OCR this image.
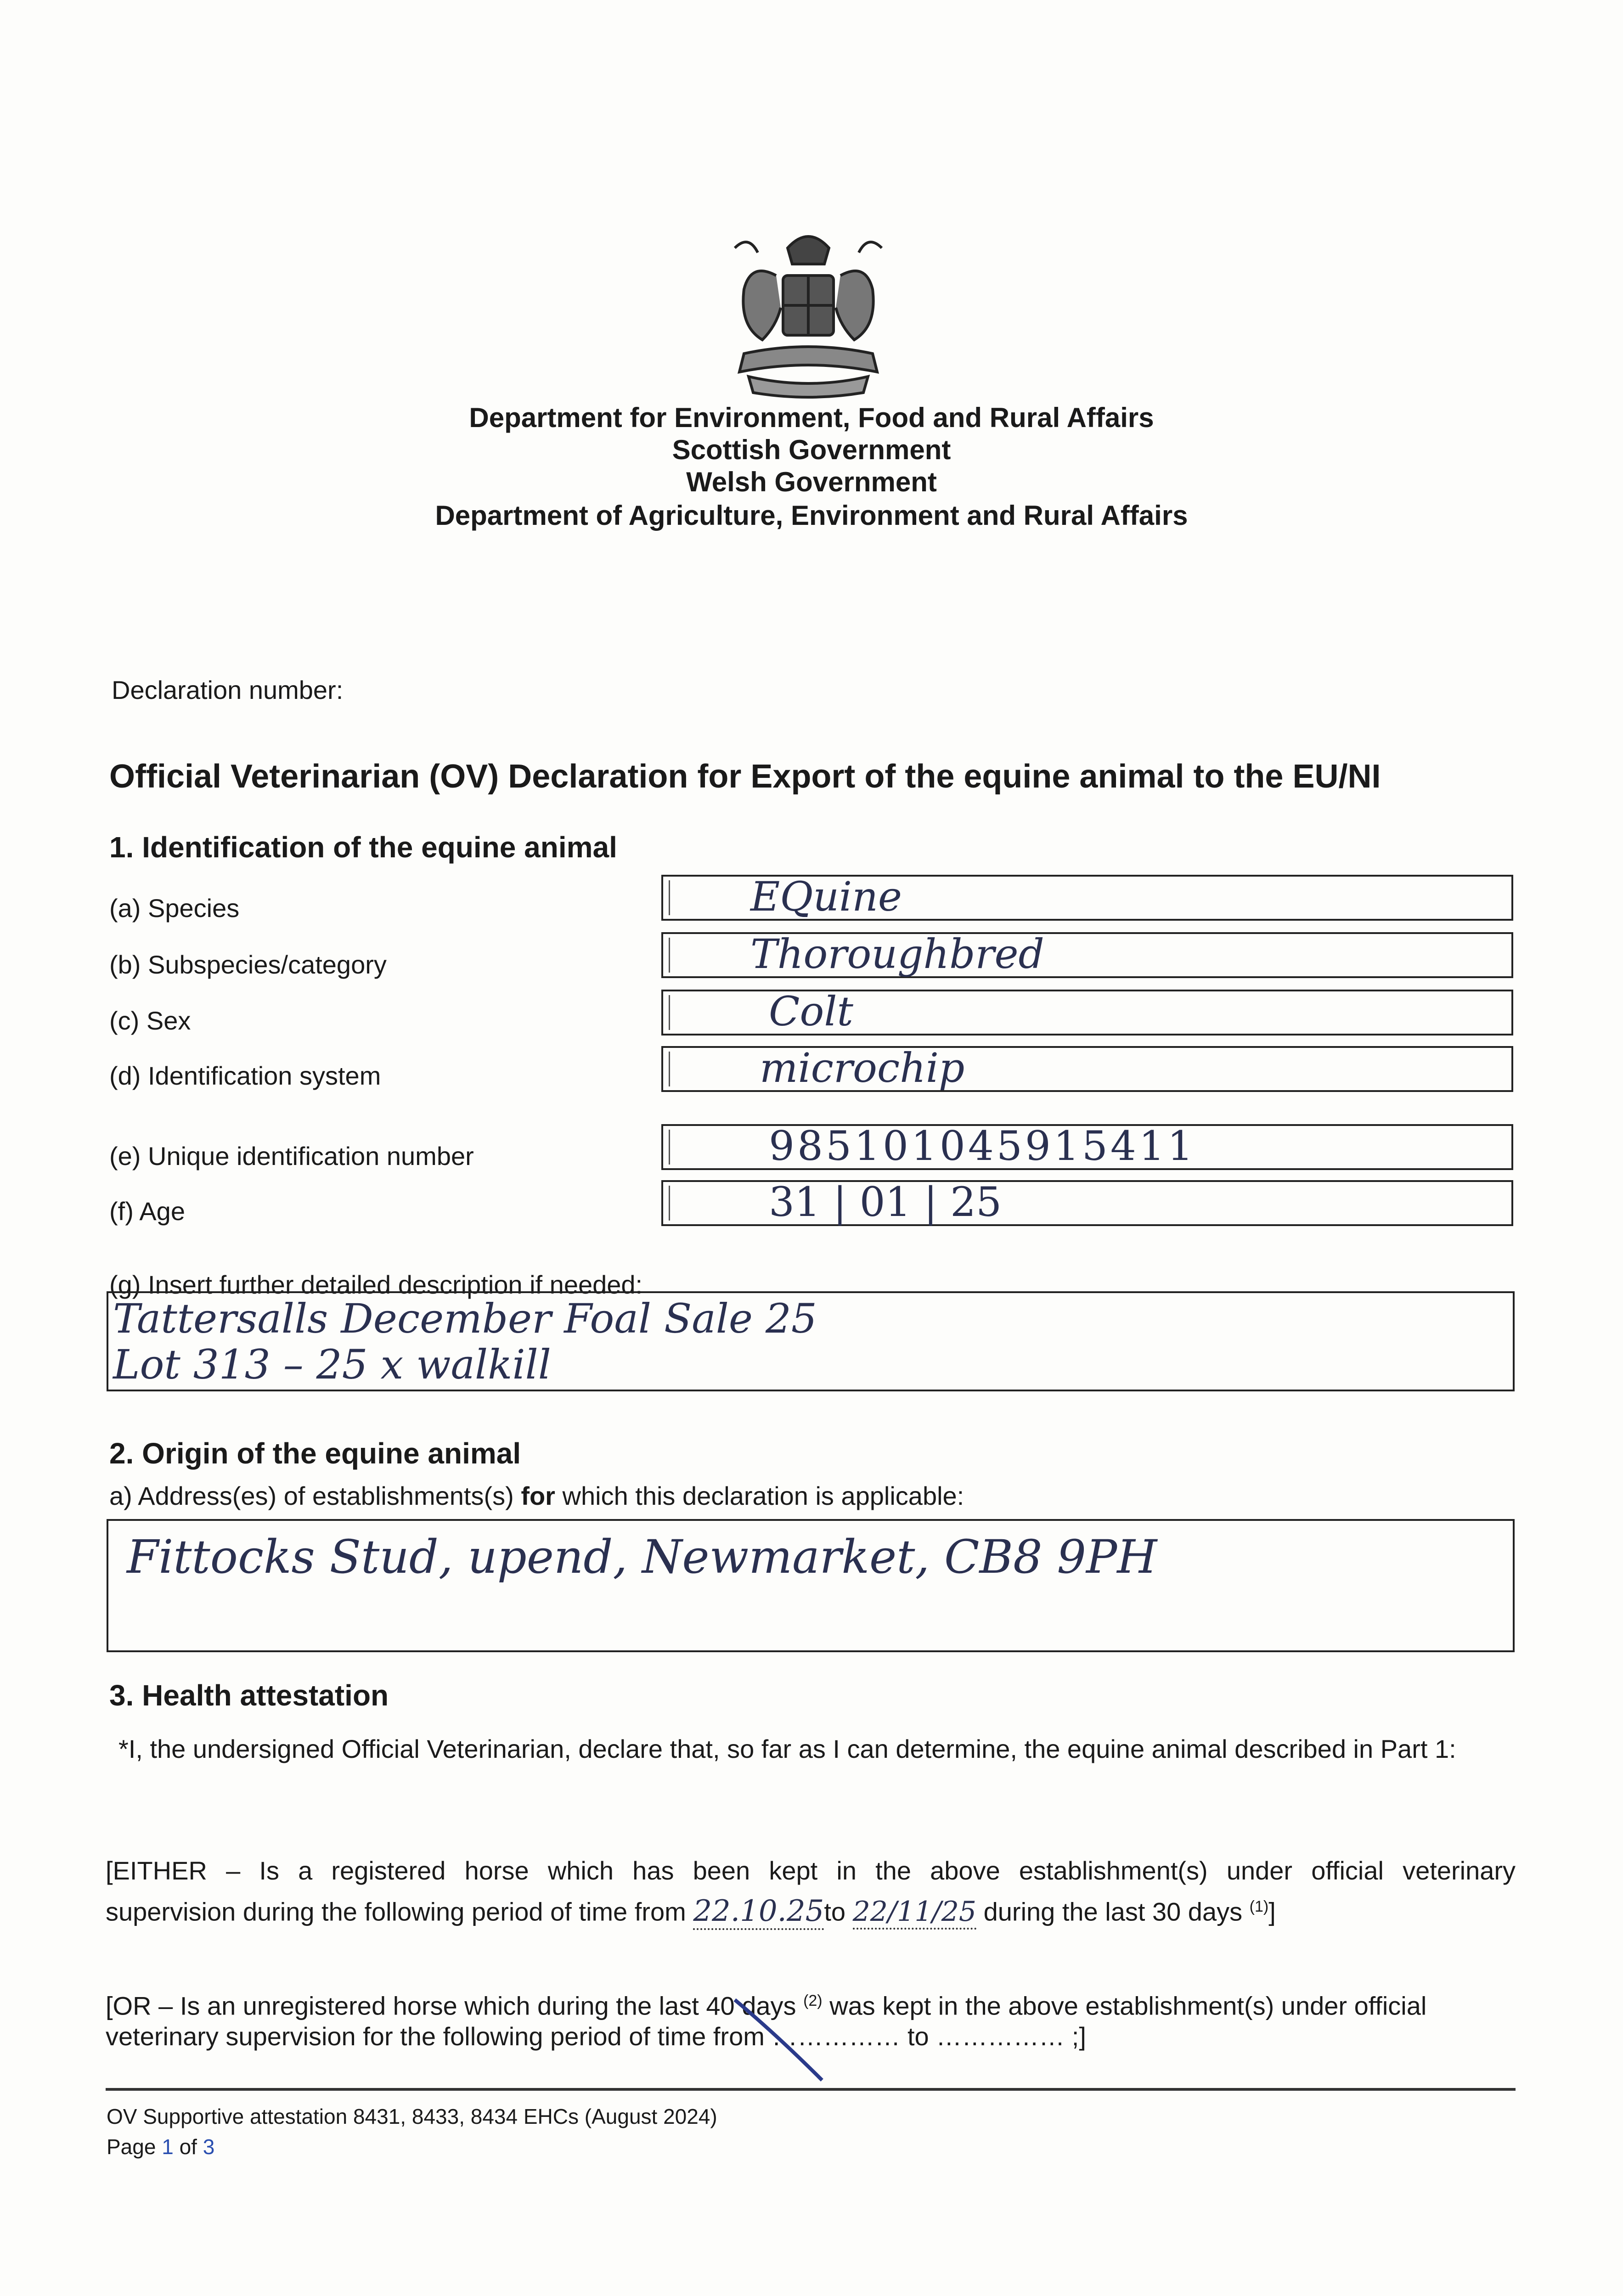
Department for Environment, Food and Rural Affairs
Scottish Government
Welsh Government
Department of Agriculture, Environment and Rural Affairs
Declaration number:
Official Veterinarian (OV) Declaration for Export of the equine animal to the EU/NI
1. Identification of the equine animal
(a) Species	EQuine
(b) Subspecies/category	Thoroughbred
(c) Sex	Colt
(d) Identification system	microchip
(e) Unique identification number	985101045915411
(f) Age	31 | 01 | 25
(g) Insert further detailed description if needed:
Tattersalls December Foal Sale 25
Lot 313 – 25 x walkill
2. Origin of the equine animal
a) Address(es) of establishments(s) for which this declaration is applicable:
Fittocks Stud, upend, Newmarket, CB8 9PH
3. Health attestation
*I, the undersigned Official Veterinarian, declare that, so far as I can determine, the equine animal described in Part 1:
[EITHER – Is a registered horse which has been kept in the above establishment(s) under official veterinary
supervision during the following period of time from 22.10.25to 22/11/25 during the last 30 days $^{(1)}$]
[OR – Is an unregistered horse which during the last 40 days $^{(2)}$ was kept in the above establishment(s) under official
veterinary supervision for the following period of time from …………… to …………… ;]
OV Supportive attestation 8431, 8433, 8434 EHCs (August 2024)
Page 1 of 3
